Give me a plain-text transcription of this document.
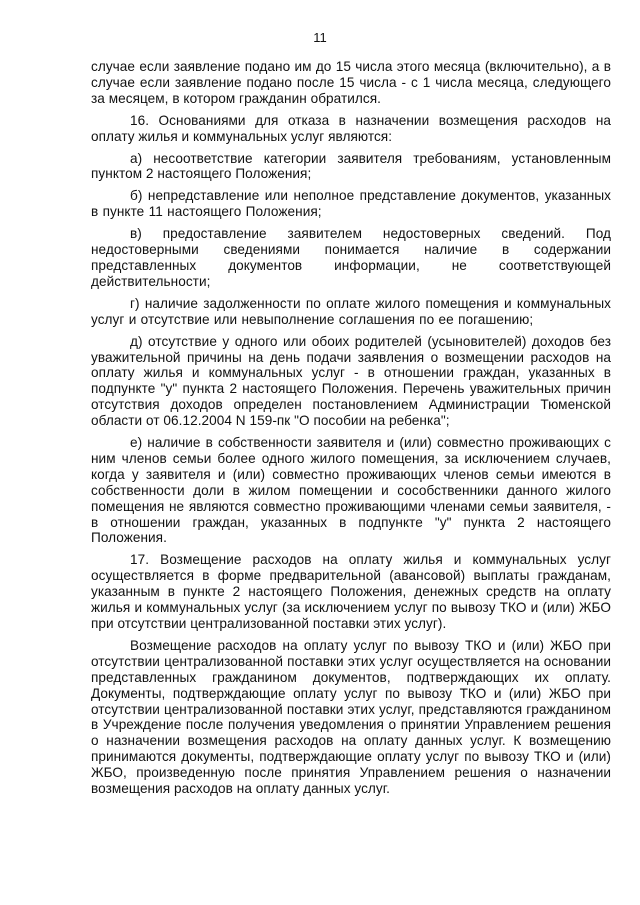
11

случае если заявление подано им до 15 числа этого месяца (включительно), а в случае если заявление подано после 15 числа - с 1 числа месяца, следующего за месяцем, в котором гражданин обратился.

16. Основаниями для отказа в назначении возмещения расходов на оплату жилья и коммунальных услуг являются:

а) несоответствие категории заявителя требованиям, установленным пунктом 2 настоящего Положения;

б) непредставление или неполное представление документов, указанных в пункте 11 настоящего Положения;

в) предоставление заявителем недостоверных сведений. Под недостоверными сведениями понимается наличие в содержании представленных документов информации, не соответствующей действительности;

г) наличие задолженности по оплате жилого помещения и коммунальных услуг и отсутствие или невыполнение соглашения по ее погашению;

д) отсутствие у одного или обоих родителей (усыновителей) доходов без уважительной причины на день подачи заявления о возмещении расходов на оплату жилья и коммунальных услуг - в отношении граждан, указанных в подпункте "у" пункта 2 настоящего Положения. Перечень уважительных причин отсутствия доходов определен постановлением Администрации Тюменской области от 06.12.2004 N 159-пк "О пособии на ребенка";

е) наличие в собственности заявителя и (или) совместно проживающих с ним членов семьи более одного жилого помещения, за исключением случаев, когда у заявителя и (или) совместно проживающих членов семьи имеются в собственности доли в жилом помещении и сособственники данного жилого помещения не являются совместно проживающими членами семьи заявителя, - в отношении граждан, указанных в подпункте "у" пункта 2 настоящего Положения.

17. Возмещение расходов на оплату жилья и коммунальных услуг осуществляется в форме предварительной (авансовой) выплаты гражданам, указанным в пункте 2 настоящего Положения, денежных средств на оплату жилья и коммунальных услуг (за исключением услуг по вывозу ТКО и (или) ЖБО при отсутствии централизованной поставки этих услуг).

Возмещение расходов на оплату услуг по вывозу ТКО и (или) ЖБО при отсутствии централизованной поставки этих услуг осуществляется на основании представленных гражданином документов, подтверждающих их оплату. Документы, подтверждающие оплату услуг по вывозу ТКО и (или) ЖБО при отсутствии централизованной поставки этих услуг, представляются гражданином в Учреждение после получения уведомления о принятии Управлением решения о назначении возмещения расходов на оплату данных услуг. К возмещению принимаются документы, подтверждающие оплату услуг по вывозу ТКО и (или) ЖБО, произведенную после принятия Управлением решения о назначении возмещения расходов на оплату данных услуг.
